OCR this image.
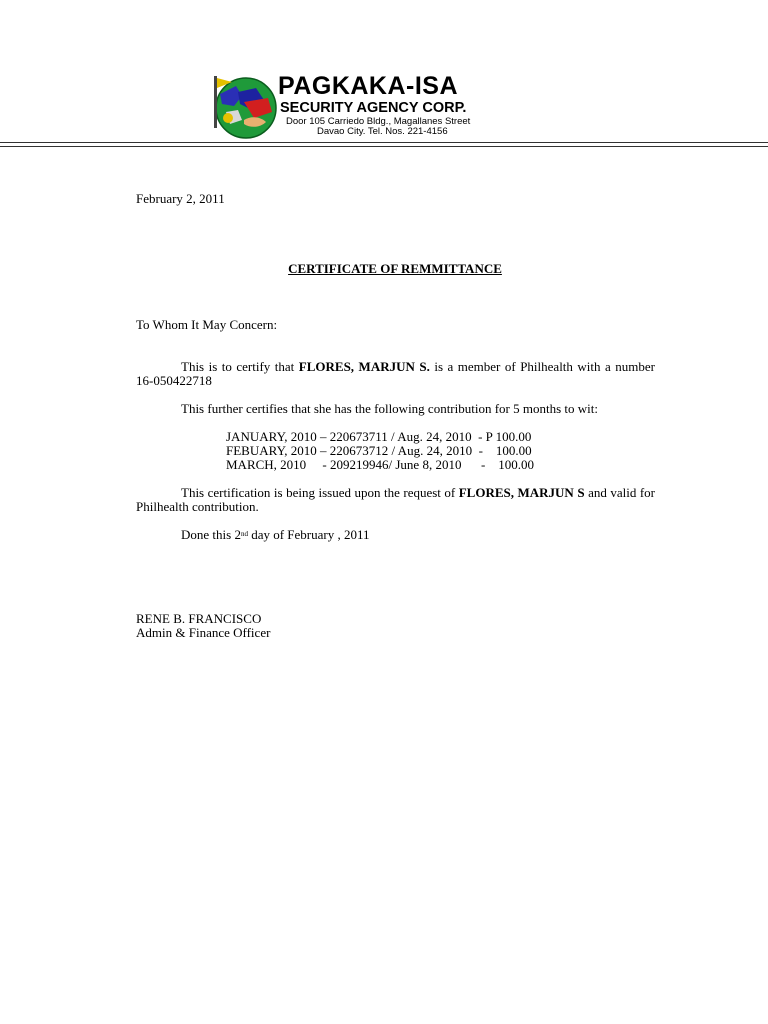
PAGKAKA-ISA
SECURITY AGENCY CORP.
Door 105 Carriedo Bldg., Magallanes Street
Davao City. Tel. Nos. 221-4156
February 2, 2011
CERTIFICATE OF REMMITTANCE
To Whom It May Concern:
This is to certify that FLORES, MARJUN S. is a member of Philhealth with a number 16-050422718
This further certifies that she has the following contribution for 5 months to wit:
JANUARY, 2010 – 220673711 / Aug. 24, 2010  - P 100.00
FEBUARY, 2010 – 220673712 / Aug. 24, 2010  -    100.00
MARCH, 2010     - 209219946/ June 8, 2010      -    100.00
This certification is being issued upon the request of FLORES, MARJUN S and valid for Philhealth contribution.
Done this 2nd day of February , 2011
RENE B. FRANCISCO
Admin & Finance Officer
